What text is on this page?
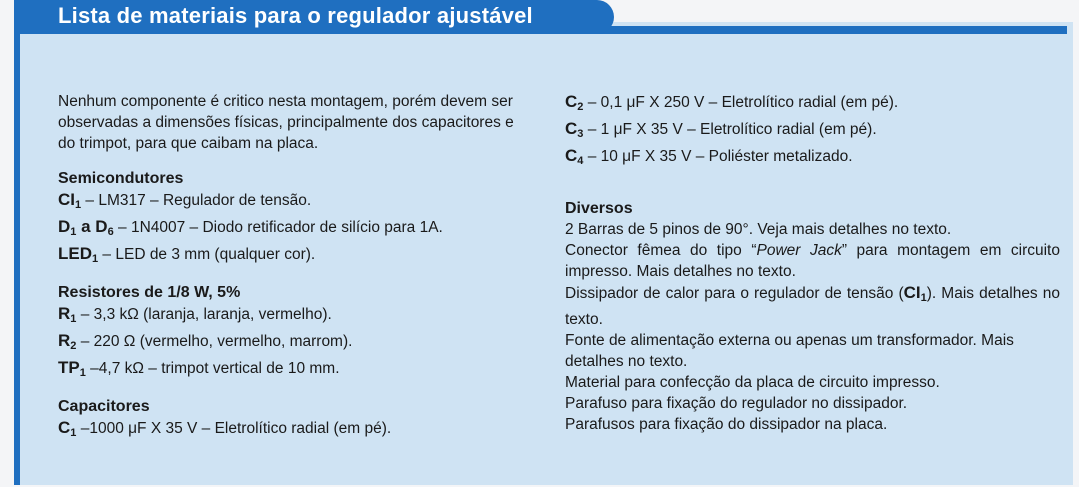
Lista de materiais para o regulador ajustável

Nenhum componente é critico nesta montagem, porém devem ser observadas a dimensões físicas, principalmente dos capacitores e do trimpot, para que caibam na placa.

Semicondutores
$CI_1 - LM317$ – Regulador de tensão.
$D_1$ a $D_6 - 1N4007$ – Diodo retificador de silício para 1A.
$LED_1$ – LED de 3 mm (qualquer cor).
Resistores de 1/8 W, 5%
$R_1 - 3,3$ kΩ (laranja, laranja, vermelho).
$R_2 - 220$ Ω (vermelho, vermelho, marrom).
$TP_1$ –4,7 kΩ – trimpot vertical de 10 mm.
Capacitores
$C_1$ –1000 μF X 35 V – Eletrolítico radial (em pé).
$C_2 - 0,1$ μF X 250 V – Eletrolítico radial (em pé).
$C_3 - 1$ μF X 35 V – Eletrolítico radial (em pé).
$C_4 - 10$ μF X 35 V – Poliéster metalizado.
Diversos
2 Barras de 5 pinos de 90°. Veja mais detalhes no texto.
Conector fêmea do tipo “Power Jack” para montagem em circuito impresso. Mais detalhes no texto.
Dissipador de calor para o regulador de tensão $(CI_1)$. Mais detalhes no texto.
Fonte de alimentação externa ou apenas um transformador. Mais detalhes no texto.
Material para confecção da placa de circuito impresso.
Parafuso para fixação do regulador no dissipador.
Parafusos para fixação do dissipador na placa.
